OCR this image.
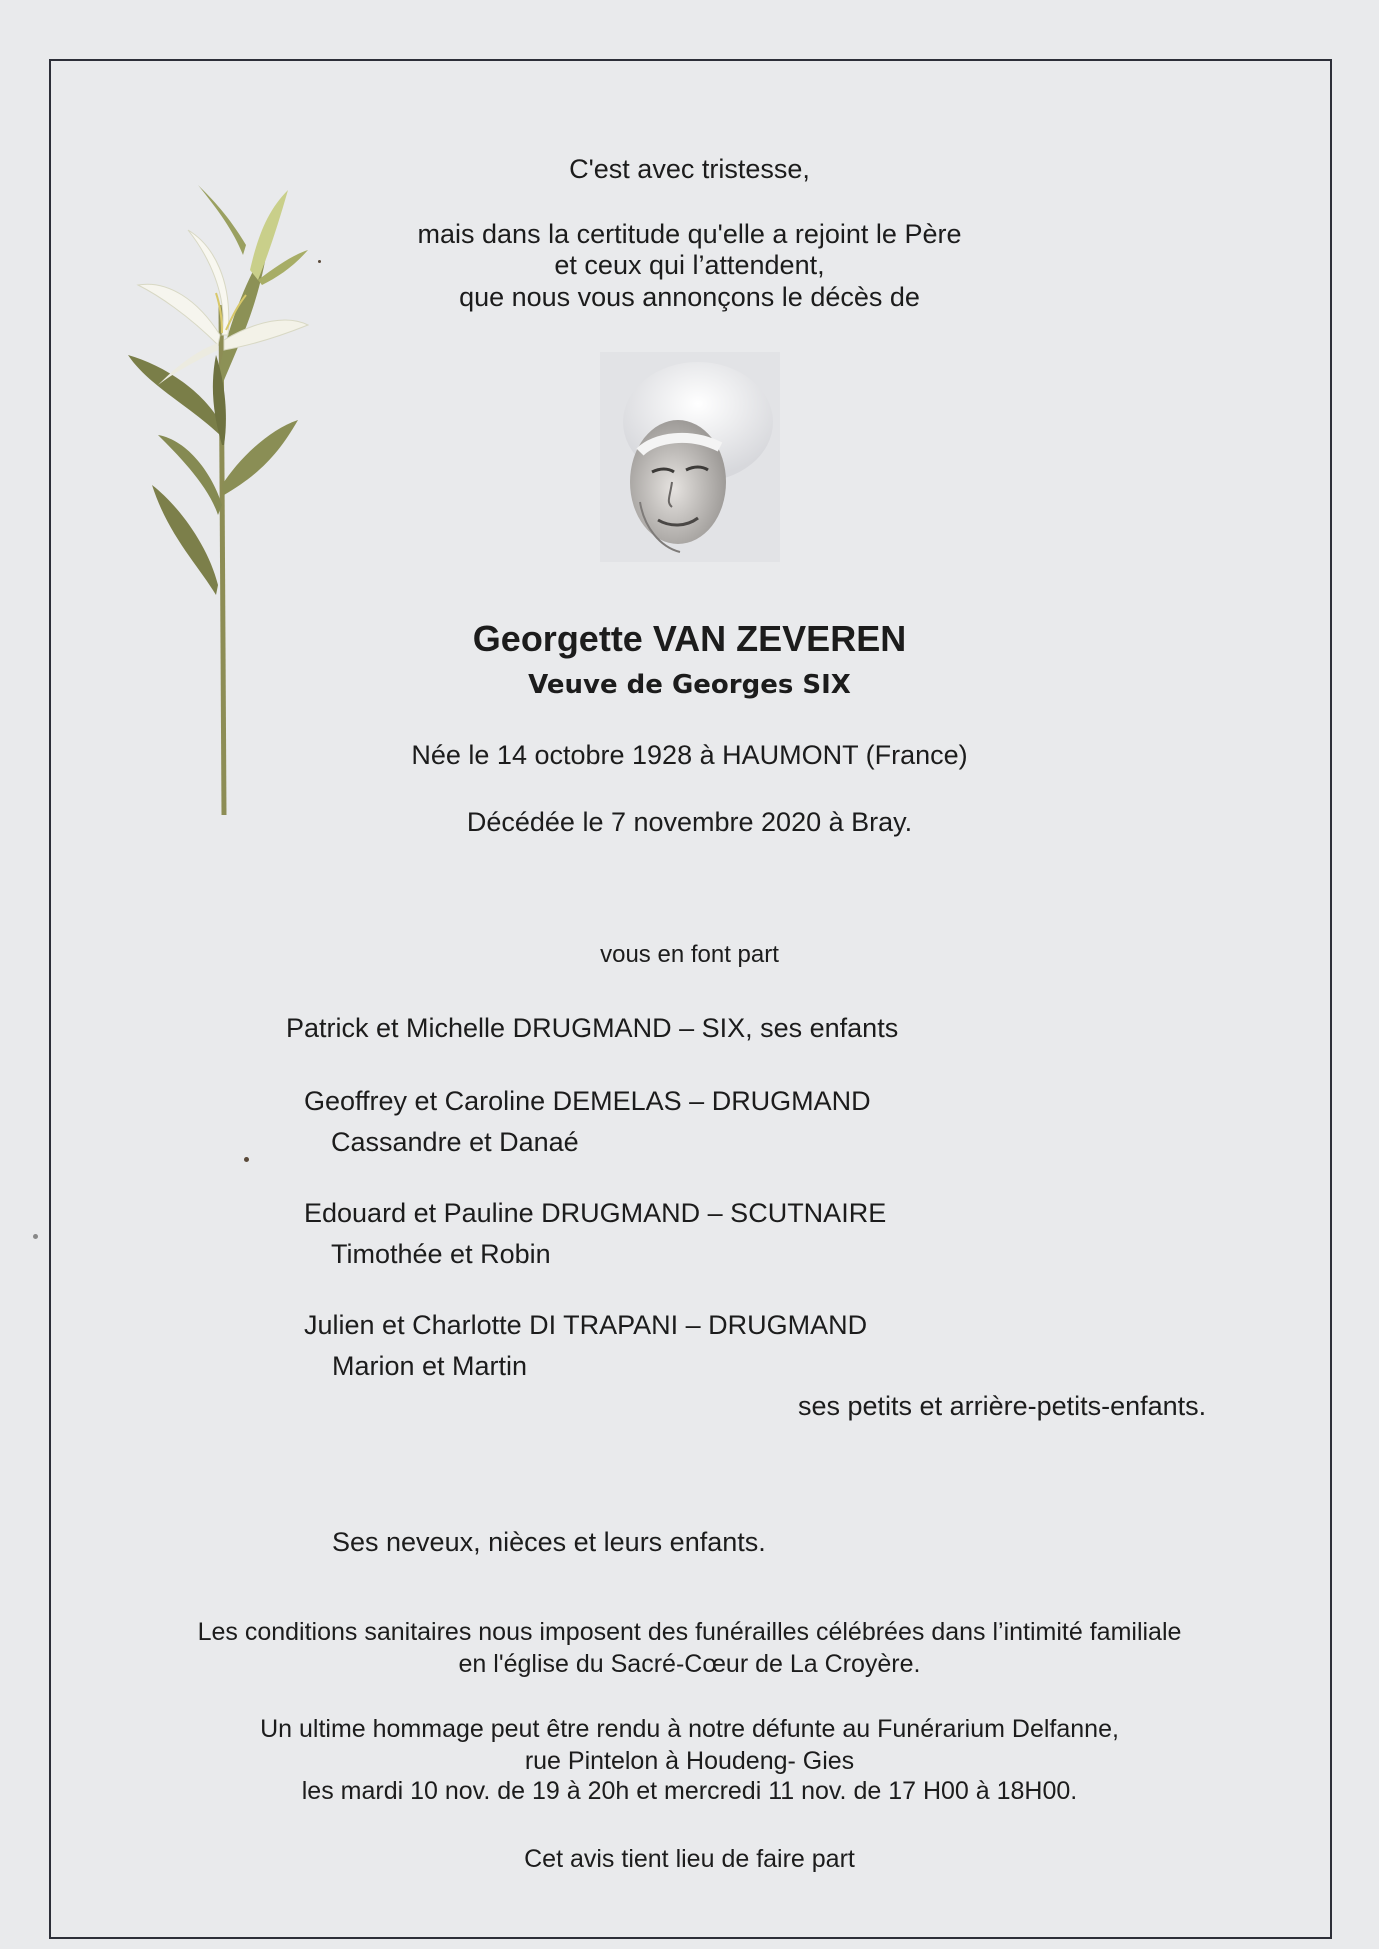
C'est avec tristesse,
mais dans la certitude qu'elle a rejoint le Père
et ceux qui l’attendent,
que nous vous annonçons le décès de
Georgette VAN ZEVEREN
Veuve de Georges SIX
Née le 14 octobre 1928 à HAUMONT (France)
Décédée le 7 novembre 2020 à Bray.
vous en font part
Patrick et Michelle DRUGMAND – SIX, ses enfants
Geoffrey et Caroline DEMELAS – DRUGMAND
Cassandre et Danaé
Edouard et Pauline DRUGMAND – SCUTNAIRE
Timothée et Robin
Julien et Charlotte DI TRAPANI – DRUGMAND
Marion et Martin
ses petits et arrière-petits-enfants.
Ses neveux, nièces et leurs enfants.
Les conditions sanitaires nous imposent des funérailles célébrées dans l’intimité familiale
en l'église du Sacré-Cœur de La Croyère.
Un ultime hommage peut être rendu à notre défunte au Funérarium Delfanne,
rue Pintelon à Houdeng- Gies
les mardi 10 nov. de 19 à 20h et mercredi 11 nov. de 17 H00 à 18H00.
Cet avis tient lieu de faire part
